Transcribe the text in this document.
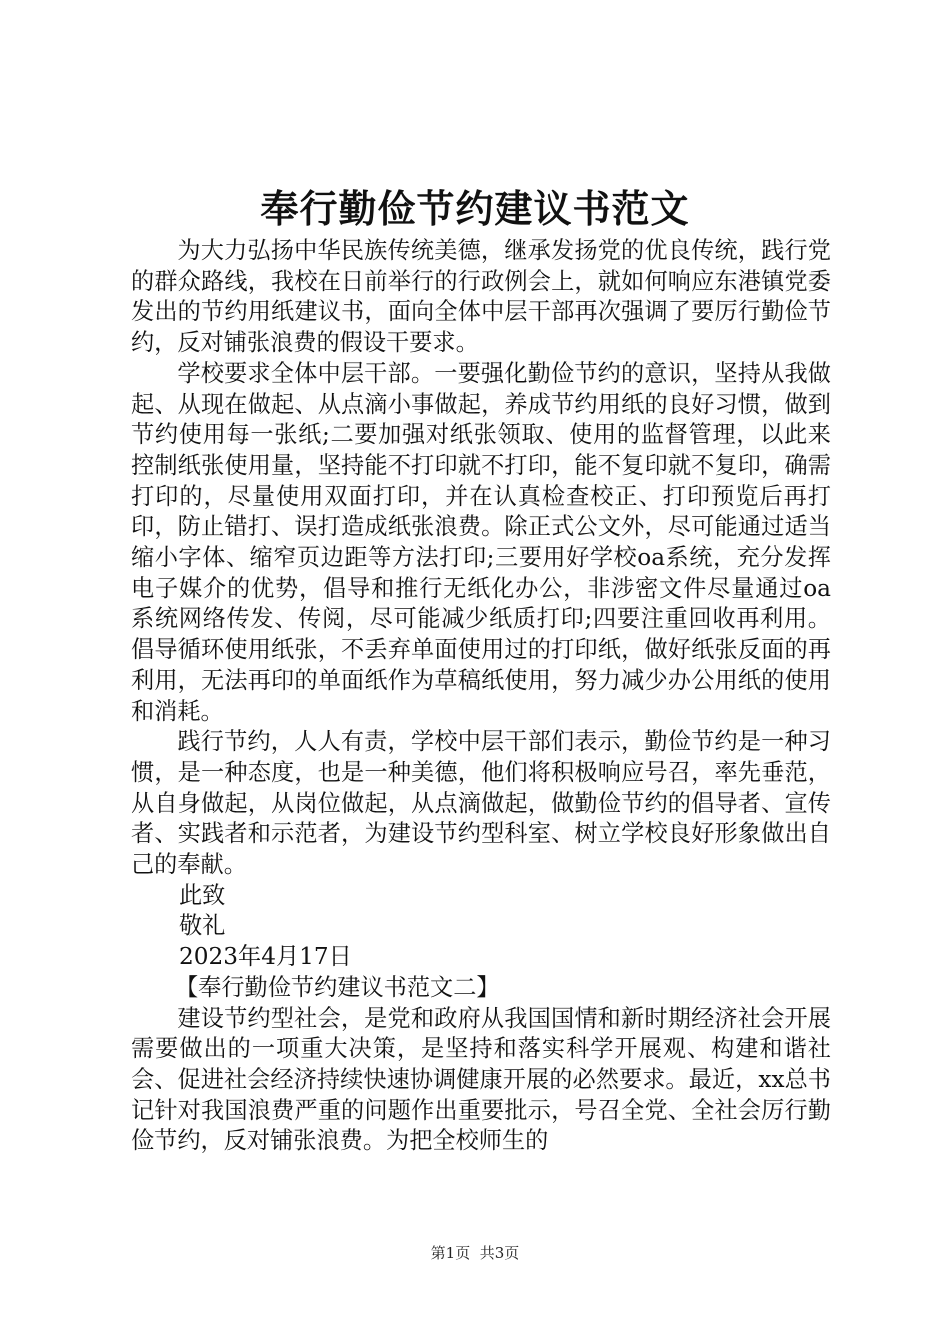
奉行勤俭节约建议书范文

为大力弘扬中华民族传统美德，继承发扬党的优良传统，践行党的群众路线，我校在日前举行的行政例会上，就如何响应东港镇党委发出的节约用纸建议书，面向全体中层干部再次强调了要厉行勤俭节约，反对铺张浪费的假设干要求。

学校要求全体中层干部。一要强化勤俭节约的意识，坚持从我做起、从现在做起、从点滴小事做起，养成节约用纸的良好习惯，做到节约使用每一张纸;二要加强对纸张领取、使用的监督管理，以此来控制纸张使用量，坚持能不打印就不打印，能不复印就不复印，确需打印的，尽量使用双面打印，并在认真检查校正、打印预览后再打印，防止错打、误打造成纸张浪费。除正式公文外，尽可能通过适当缩小字体、缩窄页边距等方法打印;三要用好学校oa系统，充分发挥电子媒介的优势，倡导和推行无纸化办公，非涉密文件尽量通过oa系统网络传发、传阅，尽可能减少纸质打印;四要注重回收再利用。倡导循环使用纸张，不丢弃单面使用过的打印纸，做好纸张反面的再利用，无法再印的单面纸作为草稿纸使用，努力减少办公用纸的使用和消耗。

践行节约，人人有责，学校中层干部们表示，勤俭节约是一种习惯，是一种态度，也是一种美德，他们将积极响应号召，率先垂范，从自身做起，从岗位做起，从点滴做起，做勤俭节约的倡导者、宣传者、实践者和示范者，为建设节约型科室、树立学校良好形象做出自己的奉献。

此致

敬礼

2023年4月17日

【奉行勤俭节约建议书范文二】

建设节约型社会，是党和政府从我国国情和新时期经济社会开展需要做出的一项重大决策，是坚持和落实科学开展观、构建和谐社会、促进社会经济持续快速协调健康开展的必然要求。最近，xx总书记针对我国浪费严重的问题作出重要批示，号召全党、全社会厉行勤俭节约，反对铺张浪费。为把全校师生的

第1页 共3页
